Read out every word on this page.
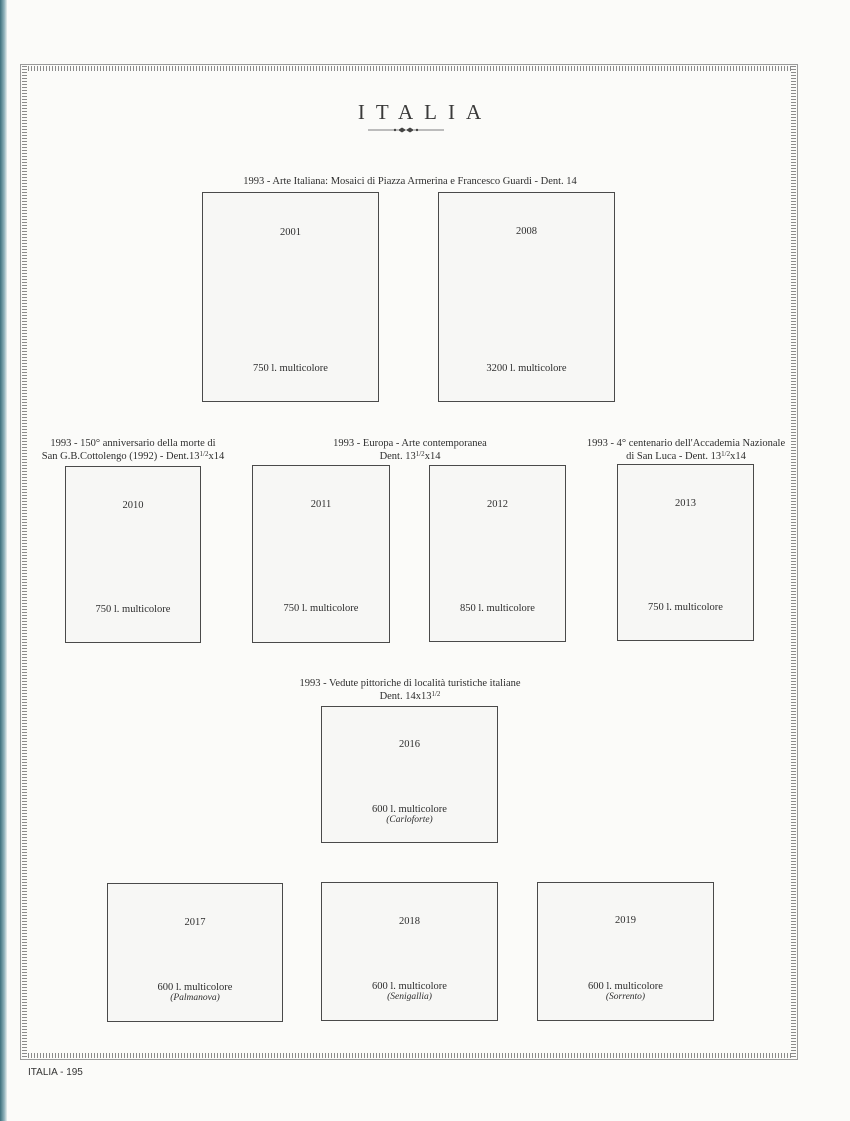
ITALIA
1993 - Arte Italiana: Mosaici di Piazza Armerina e Francesco Guardi - Dent. 14
2001
750 l. multicolore
2008
3200 l. multicolore
1993 - 150° anniversario della morte di
San G.B.Cottolengo $(1992) - Dent.13^{1/2}x14$
1993 - Europa - Arte contemporanea
Dent. $13^{1/2}x14$
1993 - 4° centenario dell'Accademia Nazionale
di San Luca - Dent. $13^{1/2}x14$
2010
750 l. multicolore
2011
750 l. multicolore
2012
850 l. multicolore
2013
750 l. multicolore
1993 - Vedute pittoriche di località turistiche italiane
Dent. $14x13^{1/2}$
2016
600 l. multicolore
(Carloforte)
2017
600 l. multicolore
(Palmanova)
2018
600 l. multicolore
(Senigallia)
2019
600 l. multicolore
(Sorrento)
ITALIA - 195
